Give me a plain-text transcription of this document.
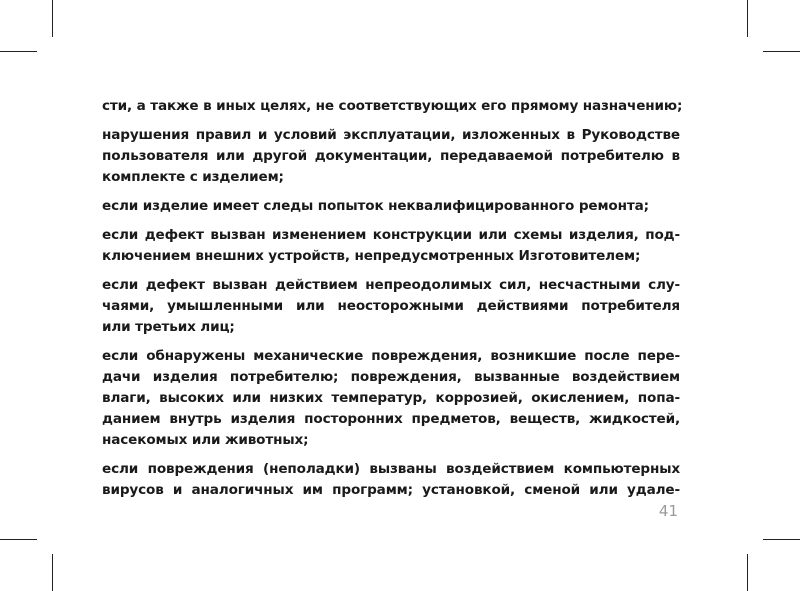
сти, а также в иных целях, не соответствующих его прямому назначению;

нарушения правил и условий эксплуатации, изложенных в Руководстве
пользователя или другой документации, передаваемой потребителю в
комплекте с изделием;

если изделие имеет следы попыток неквалифицированного ремонта;

если дефект вызван изменением конструкции или схемы изделия, под-
ключением внешних устройств, непредусмотренных Изготовителем;

если дефект вызван действием непреодолимых сил, несчастными слу-
чаями, умышленными или неосторожными действиями потребителя
или третьих лиц;

если обнаружены механические повреждения, возникшие после пере-
дачи изделия потребителю; повреждения, вызванные воздействием
влаги, высоких или низких температур, коррозией, окислением, попа-
данием внутрь изделия посторонних предметов, веществ, жидкостей,
насекомых или животных;

если повреждения (неполадки) вызваны воздействием компьютерных
вирусов и аналогичных им программ; установкой, сменой или удале-

41
